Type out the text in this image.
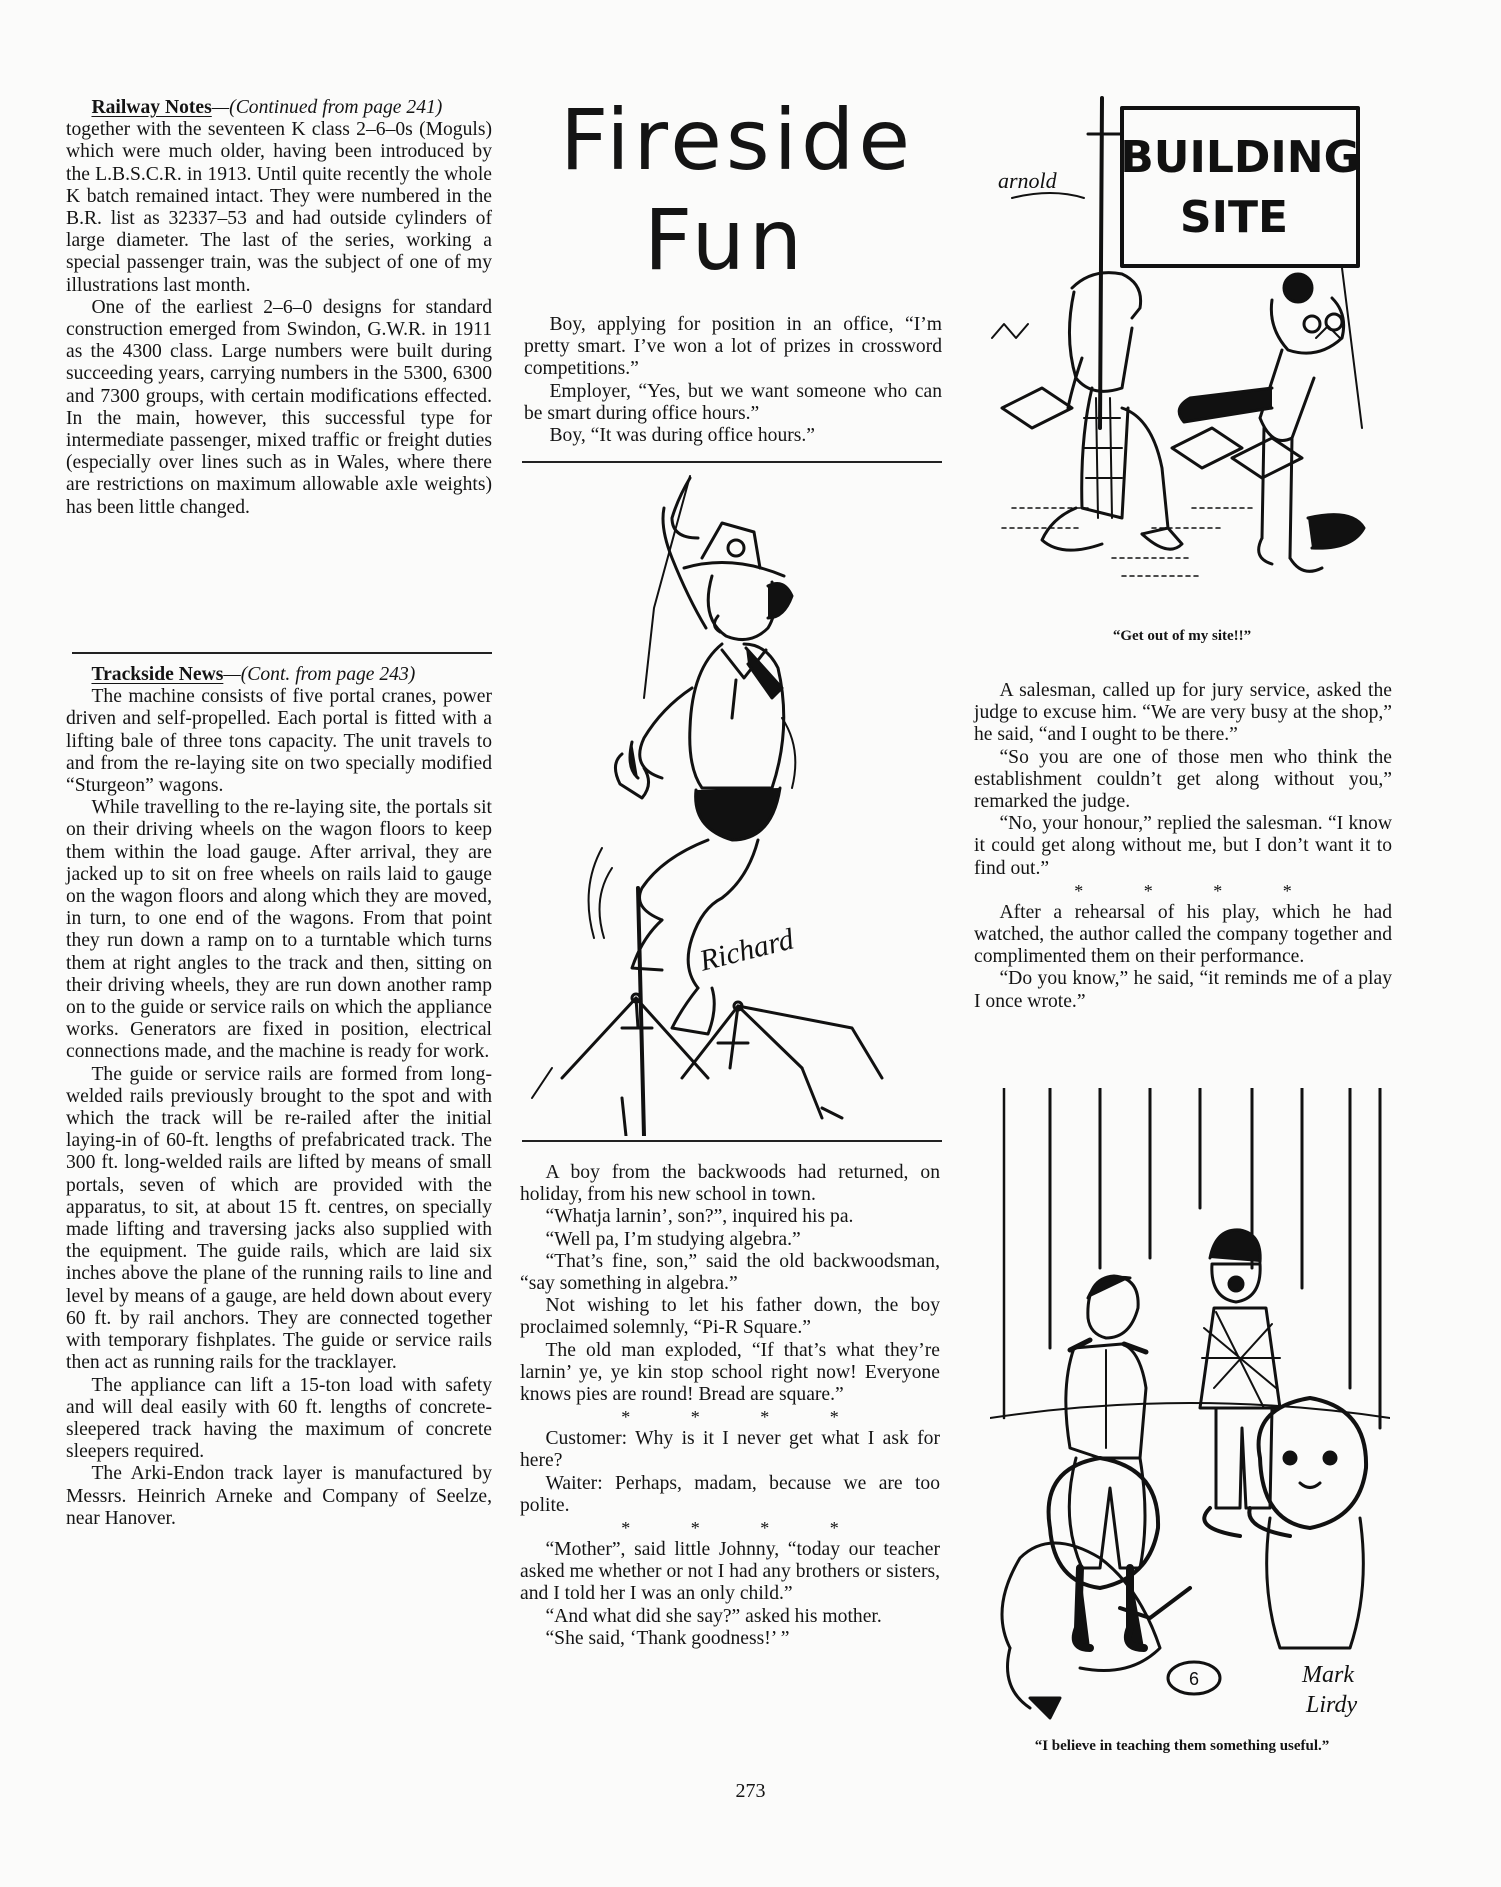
Railway Notes—(Continued from page 241)

together with the seventeen K class 2–6–0s (Moguls) which were much older, having been introduced by the L.B.S.C.R. in 1913. Until quite recently the whole K batch remained intact. They were numbered in the B.R. list as 32337–53 and had outside cylinders of large diameter. The last of the series, working a special passenger train, was the subject of one of my illustrations last month.

One of the earliest 2–6–0 designs for standard construction emerged from Swindon, G.W.R. in 1911 as the 4300 class. Large numbers were built during succeeding years, carrying numbers in the 5300, 6300 and 7300 groups, with certain modifications effected. In the main, however, this successful type for intermediate passenger, mixed traffic or freight duties (especially over lines such as in Wales, where there are restrictions on maximum allowable axle weights) has been little changed.

Trackside News—(Cont. from page 243)

The machine consists of five portal cranes, power driven and self-propelled. Each portal is fitted with a lifting bale of three tons capacity. The unit travels to and from the re-laying site on two specially modified “Sturgeon” wagons.

While travelling to the re-laying site, the portals sit on their driving wheels on the wagon floors to keep them within the load gauge. After arrival, they are jacked up to sit on free wheels on rails laid to gauge on the wagon floors and along which they are moved, in turn, to one end of the wagons. From that point they run down a ramp on to a turntable which turns them at right angles to the track and then, sitting on their driving wheels, they are run down another ramp on to the guide or service rails on which the appliance works. Generators are fixed in position, electrical connections made, and the machine is ready for work.

The guide or service rails are formed from long-welded rails previously brought to the spot and with which the track will be re-railed after the initial laying-in of 60-ft. lengths of prefabricated track. The 300 ft. long-welded rails are lifted by means of small portals, seven of which are provided with the apparatus, to sit, at about 15 ft. centres, on specially made lifting and traversing jacks also supplied with the equipment. The guide rails, which are laid six inches above the plane of the running rails to line and level by means of a gauge, are held down about every 60 ft. by rail anchors. They are connected together with temporary fishplates. The guide or service rails then act as running rails for the tracklayer.

The appliance can lift a 15-ton load with safety and will deal easily with 60 ft. lengths of concrete-sleepered track having the maximum of concrete sleepers required.

The Arki-Endon track layer is manufactured by Messrs. Heinrich Arneke and Company of Seelze, near Hanover.

Fireside
Fun

Boy, applying for position in an office, “I’m pretty smart. I’ve won a lot of prizes in crossword competitions.”

Employer, “Yes, but we want someone who can be smart during office hours.”

Boy, “It was during office hours.”

Richard

A boy from the backwoods had returned, on holiday, from his new school in town.

“Whatja larnin’, son?”, inquired his pa.

“Well pa, I’m studying algebra.”

“That’s fine, son,” said the old backwoodsman, “say something in algebra.”

Not wishing to let his father down, the boy proclaimed solemnly, “Pi-R Square.”

The old man exploded, “If that’s what they’re larnin’ ye, ye kin stop school right now! Everyone knows pies are round! Bread are square.”

* * * *

Customer: Why is it I never get what I ask for here?

Waiter: Perhaps, madam, because we are too polite.

* * * *

“Mother”, said little Johnny, “today our teacher asked me whether or not I had any brothers or sisters, and I told her I was an only child.”

“And what did she say?” asked his mother.

“She said, ‘Thank goodness!’ ”

BUILDING
SITE
arnold
“Get out of my site!!”

A salesman, called up for jury service, asked the judge to excuse him. “We are very busy at the shop,” he said, “and I ought to be there.”

“So you are one of those men who think the establishment couldn’t get along without you,” remarked the judge.

“No, your honour,” replied the salesman. “I know it could get along without me, but I don’t want it to find out.”

* * * *

After a rehearsal of his play, which he had watched, the author called the company together and complimented them on their performance.

“Do you know,” he said, “it reminds me of a play I once wrote.”

6	Mark
Lirdy
“I believe in teaching them something useful.”
273
